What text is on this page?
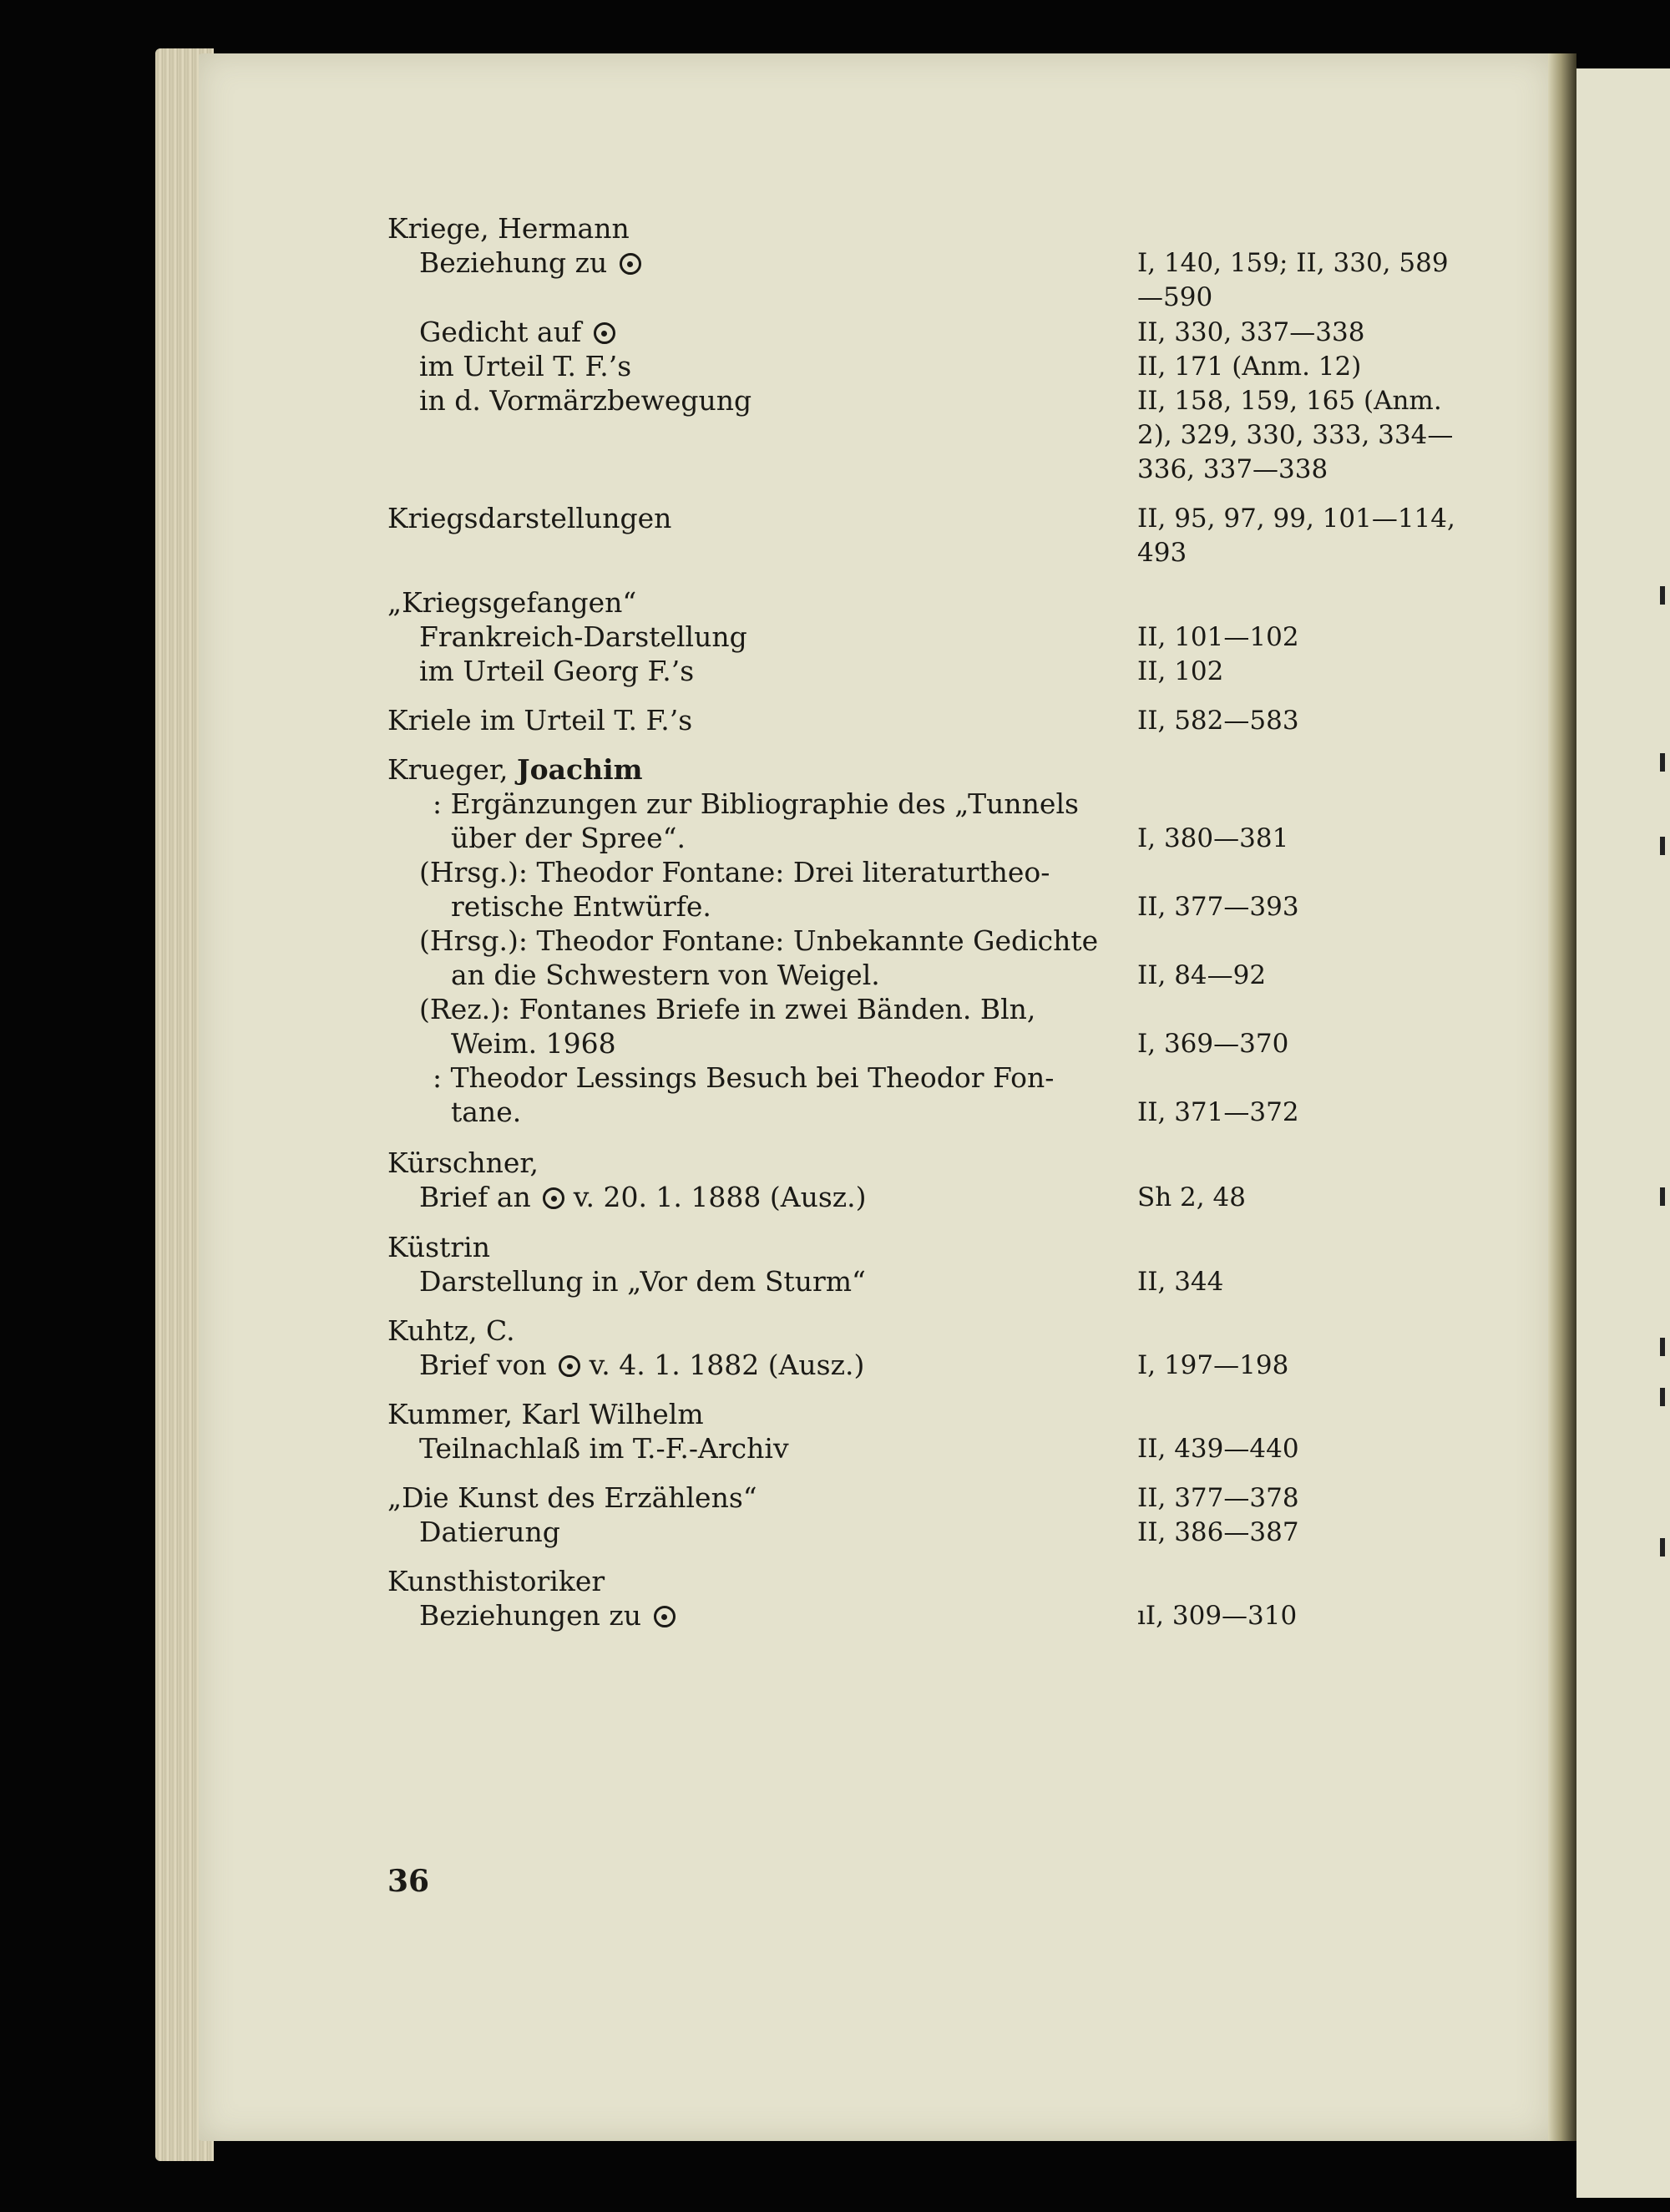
Kriege, Hermann
Beziehung zu	I, 140, 159; II, 330, 589
—590
Gedicht auf	II, 330, 337—338
im Urteil T. F.’s	II, 171 (Anm. 12)
in d. Vormärzbewegung	II, 158, 159, 165 (Anm.
2), 329, 330, 333, 334—
336, 337—338
Kriegsdarstellungen	II, 95, 97, 99, 101—114,
493
„Kriegsgefangen“
Frankreich-Darstellung	II, 101—102
im Urteil Georg F.’s	II, 102
Kriele im Urteil T. F.’s	II, 582—583
Krueger, Joachim
: Ergänzungen zur Bibliographie des „Tunnels
über der Spree“.	I, 380—381
(Hrsg.): Theodor Fontane: Drei literaturtheo-
retische Entwürfe.	II, 377—393
(Hrsg.): Theodor Fontane: Unbekannte Gedichte
an die Schwestern von Weigel.	II, 84—92
(Rez.): Fontanes Briefe in zwei Bänden. Bln,
Weim. 1968	I, 369—370
: Theodor Lessings Besuch bei Theodor Fon-
tane.	II, 371—372
Kürschner,
Brief an v. 20. 1. 1888 (Ausz.)	Sh 2, 48
Küstrin
Darstellung in „Vor dem Sturm“	II, 344
Kuhtz, C.
Brief von v. 4. 1. 1882 (Ausz.)	I, 197—198
Kummer, Karl Wilhelm
Teilnachlaß im T.-F.-Archiv	II, 439—440
„Die Kunst des Erzählens“	II, 377—378
Datierung	II, 386—387
Kunsthistoriker
Beziehungen zu	ıI, 309—310
36
